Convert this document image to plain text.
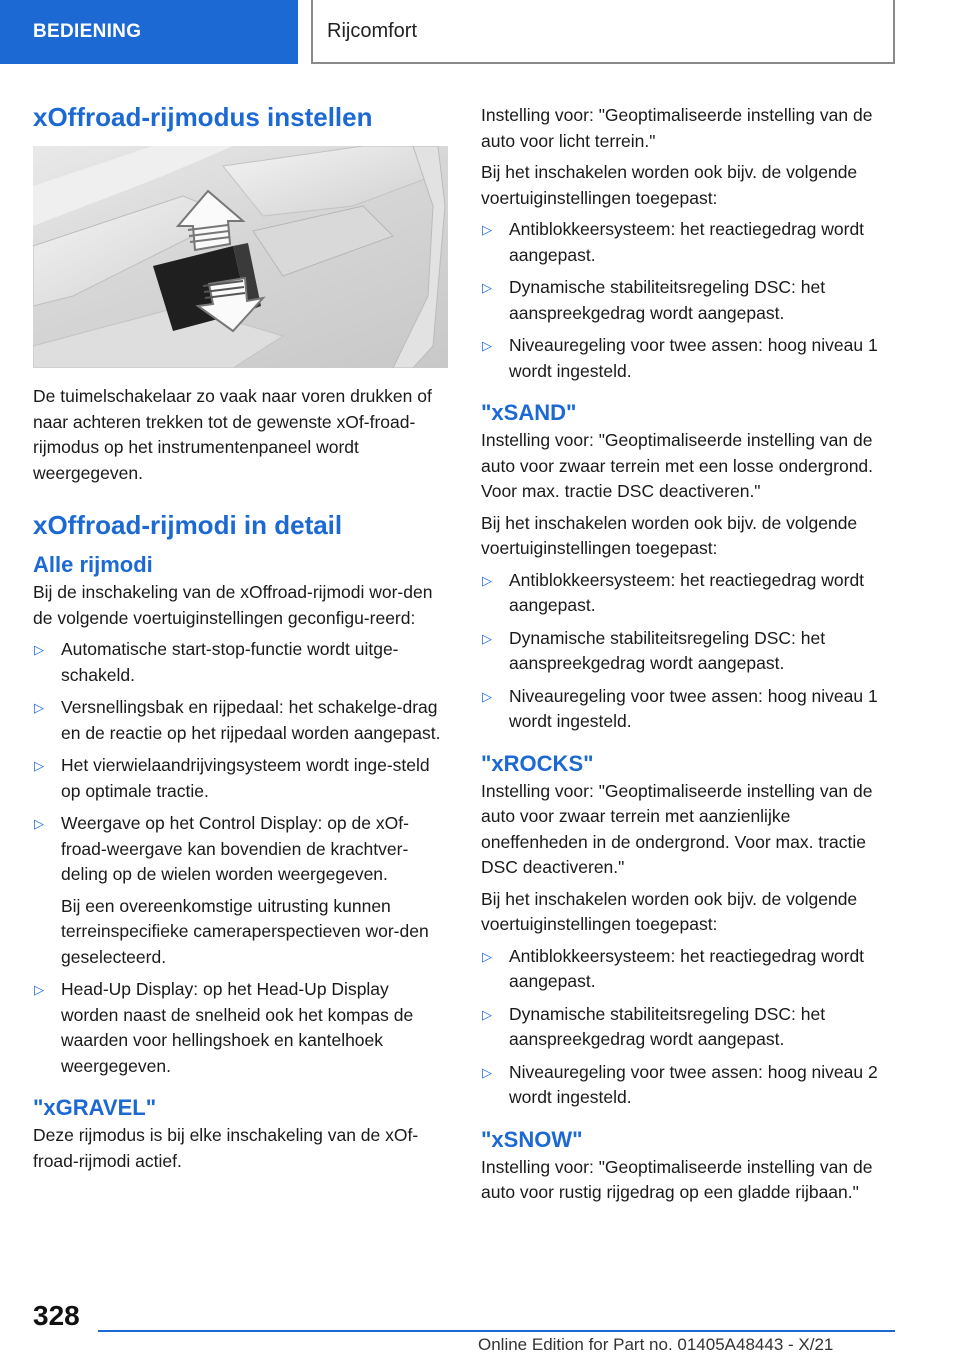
BEDIENING	Rijcomfort
xOffroad-rijmodus instellen

De tuimelschakelaar zo vaak naar voren drukken of naar achteren trekken tot de gewenste xOf-froad-rijmodus op het instrumentenpaneel wordt weergegeven.

xOffroad-rijmodi in detail
Alle rijmodi

Bij de inschakeling van de xOffroad-rijmodi wor-den de volgende voertuiginstellingen geconfigu-reerd:

▷ Automatische start-stop-functie wordt uitge-schakeld.
▷ Versnellingsbak en rijpedaal: het schakelge-drag en de reactie op het rijpedaal worden aangepast.
▷ Het vierwielaandrijvingsysteem wordt inge-steld op optimale tractie.
▷ Weergave op het Control Display: op de xOf-froad-weergave kan bovendien de krachtver-deling op de wielen worden weergegeven.

Bij een overeenkomstige uitrusting kunnen terreinspecifieke cameraperspectieven wor-den geselecteerd.

▷ Head-Up Display: op het Head-Up Display worden naast de snelheid ook het kompas de waarden voor hellingshoek en kantelhoek weergegeven.
"xGRAVEL"

Deze rijmodus is bij elke inschakeling van de xOf-froad-rijmodi actief.

Instelling voor: "Geoptimaliseerde instelling van de auto voor licht terrein."

Bij het inschakelen worden ook bijv. de volgende voertuiginstellingen toegepast:

▷ Antiblokkeersysteem: het reactiegedrag wordt aangepast.
▷ Dynamische stabiliteitsregeling DSC: het aanspreekgedrag wordt aangepast.
▷ Niveauregeling voor twee assen: hoog niveau 1 wordt ingesteld.
"xSAND"

Instelling voor: "Geoptimaliseerde instelling van de auto voor zwaar terrein met een losse ondergrond. Voor max. tractie DSC deactiveren."

Bij het inschakelen worden ook bijv. de volgende voertuiginstellingen toegepast:

▷ Antiblokkeersysteem: het reactiegedrag wordt aangepast.
▷ Dynamische stabiliteitsregeling DSC: het aanspreekgedrag wordt aangepast.
▷ Niveauregeling voor twee assen: hoog niveau 1 wordt ingesteld.
"xROCKS"

Instelling voor: "Geoptimaliseerde instelling van de auto voor zwaar terrein met aanzienlijke oneffenheden in de ondergrond. Voor max. tractie DSC deactiveren."

Bij het inschakelen worden ook bijv. de volgende voertuiginstellingen toegepast:

▷ Antiblokkeersysteem: het reactiegedrag wordt aangepast.
▷ Dynamische stabiliteitsregeling DSC: het aanspreekgedrag wordt aangepast.
▷ Niveauregeling voor twee assen: hoog niveau 2 wordt ingesteld.
"xSNOW"

Instelling voor: "Geoptimaliseerde instelling van de auto voor rustig rijgedrag op een gladde rijbaan."

328
Online Edition for Part no. 01405A48443 - X/21
